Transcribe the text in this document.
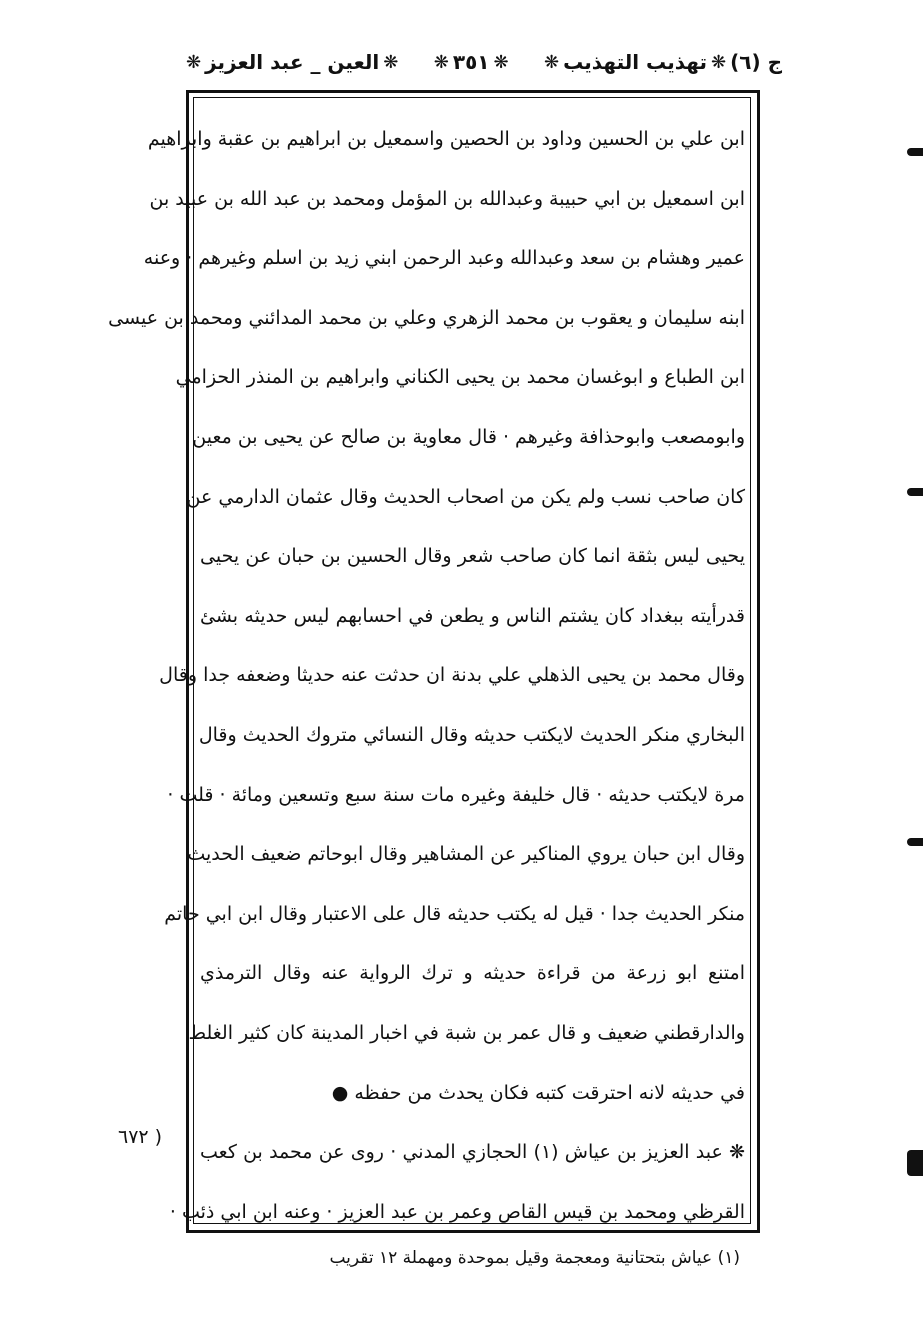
ج (٦)
❋
تهذيب التهذيب
❋
❋
٣٥١
❋
❋
العين _ عبد العزيز
❋
ابن علي بن الحسين وداود بن الحصين واسمعيل بن ابراهيم بن عقبة وابراهيم
ابن اسمعيل بن ابي حبيبة وعبدالله بن المؤمل ومحمد بن عبد الله بن عبيد بن
عمير وهشام بن سعد وعبدالله وعبد الرحمن ابني زيد بن اسلم وغيرهم · وعنه
ابنه سليمان و يعقوب بن محمد الزهري وعلي بن محمد المدائني ومحمد بن عيسى
ابن الطباع و ابوغسان محمد بن يحيى الكناني وابراهيم بن المنذر الحزامي
وابومصعب وابوحذافة وغيرهم · قال معاوية بن صالح عن يحيى بن معين
كان صاحب نسب ولم يكن من اصحاب الحديث وقال عثمان الدارمي عن
يحيى ليس بثقة انما كان صاحب شعر وقال الحسين بن حبان عن يحيى
قدرأيته ببغداد كان يشتم الناس و يطعن في احسابهم ليس حديثه بشئ
وقال محمد بن يحيى الذهلي علي بدنة ان حدثت عنه حديثا وضعفه جدا وقال
البخاري منكر الحديث لايكتب حديثه وقال النسائي متروك الحديث وقال
مرة لايكتب حديثه · قال خليفة وغيره مات سنة سبع وتسعين ومائة · قلت ·
وقال ابن حبان يروي المناكير عن المشاهير وقال ابوحاتم ضعيف الحديث
منكر الحديث جدا · قيل له يكتب حديثه قال على الاعتبار وقال ابن ابي حاتم
امتنع ابو زرعة من قراءة حديثه و ترك الرواية عنه وقال الترمذي
والدارقطني ضعيف و قال عمر بن شبة في اخبار المدينة كان كثير الغلط
في حديثه لانه احترقت كتبه فكان يحدث من حفظه ●
❋ عبد العزيز بن عياش (١) الحجازي المدني · روى عن محمد بن كعب
القرظي ومحمد بن قيس القاص وعمر بن عبد العزيز · وعنه ابن ابي ذئب ·
( ٦٧٢
(١) عياش بتحتانية ومعجمة وقيل بموحدة ومهملة ١٢ تقريب
